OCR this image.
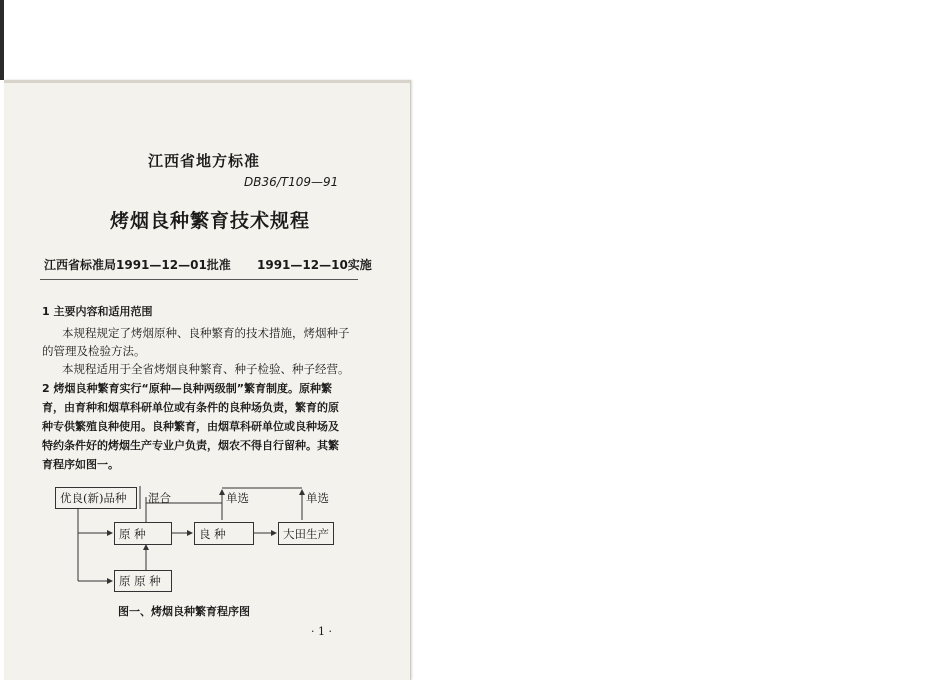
江西省地方标准
DB36/T109—91
烤烟良种繁育技术规程
江西省标准局1991—12—01批准 1991—12—10实施
1 主要内容和适用范围
本规程规定了烤烟原种、良种繁育的技术措施，烤烟种子
的管理及检验方法。
本规程适用于全省烤烟良种繁育、种子检验、种子经营。
2 烤烟良种繁育实行“原种—良种两级制”繁育制度。原种繁
育，由育种和烟草科研单位或有条件的良种场负责，繁育的原
种专供繁殖良种使用。良种繁育，由烟草科研单位或良种场及
特约条件好的烤烟生产专业户负责，烟农不得自行留种。其繁
育程序如图一。
优良(新)品种
原 种	良 种	大田生产
原 原 种
混合	单选	单选
图一、烤烟良种繁育程序图
· 1 ·
